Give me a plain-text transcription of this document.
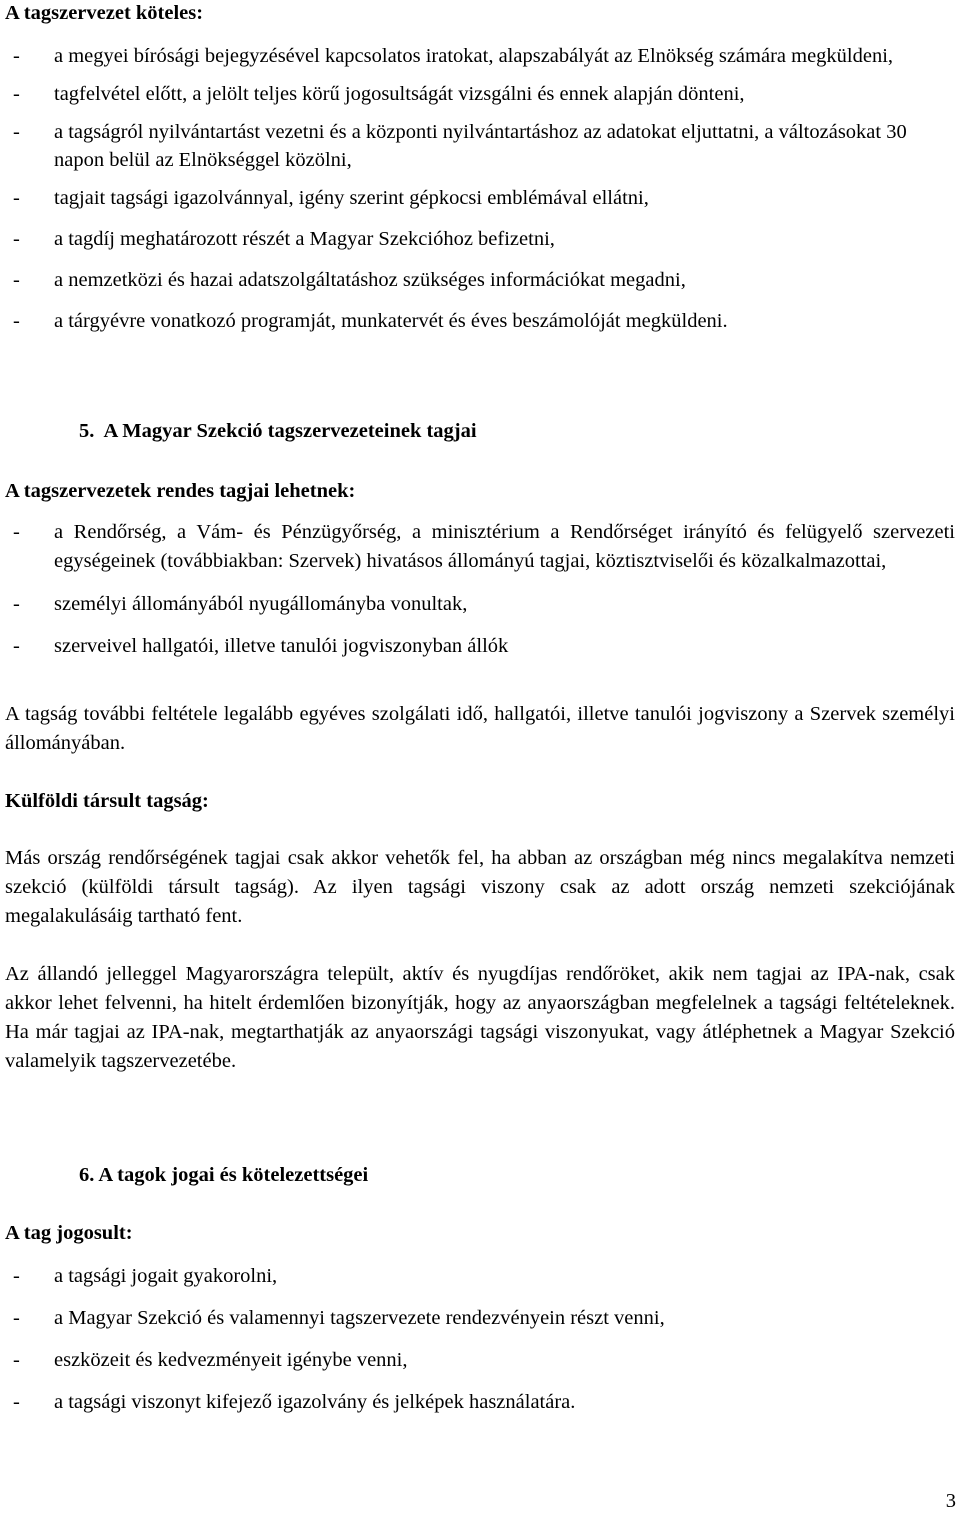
A tagszervezet köteles:
- a megyei bírósági bejegyzésével kapcsolatos iratokat, alapszabályát az Elnökség számára megküldeni,
- tagfelvétel előtt, a jelölt teljes körű jogosultságát vizsgálni és ennek alapján dönteni,
- a tagságról nyilvántartást vezetni és a központi nyilvántartáshoz az adatokat eljuttatni, a változásokat 30 napon belül az Elnökséggel közölni,
- tagjait tagsági igazolvánnyal, igény szerint gépkocsi emblémával ellátni,
- a tagdíj meghatározott részét a Magyar Szekcióhoz befizetni,
- a nemzetközi és hazai adatszolgáltatáshoz szükséges információkat megadni,
- a tárgyévre vonatkozó programját, munkatervét és éves beszámolóját megküldeni.
5. A Magyar Szekció tagszervezeteinek tagjai
A tagszervezetek rendes tagjai lehetnek:
- a Rendőrség, a Vám- és Pénzügyőrség, a minisztérium a Rendőrséget irányító és felügyelő szervezeti egységeinek (továbbiakban: Szervek) hivatásos állományú tagjai, köztisztviselői és közalkalmazottai,
- személyi állományából nyugállományba vonultak,
- szerveivel hallgatói, illetve tanulói jogviszonyban állók

A tagság további feltétele legalább egyéves szolgálati idő, hallgatói, illetve tanulói jogviszony a Szervek személyi állományában.

Külföldi társult tagság:

Más ország rendőrségének tagjai csak akkor vehetők fel, ha abban az országban még nincs megalakítva nemzeti szekció (külföldi társult tagság). Az ilyen tagsági viszony csak az adott ország nemzeti szekciójának megalakulásáig tartható fent.

Az állandó jelleggel Magyarországra települt, aktív és nyugdíjas rendőröket, akik nem tagjai az IPA-nak, csak akkor lehet felvenni, ha hitelt érdemlően bizonyítják, hogy az anyaországban megfelelnek a tagsági feltételeknek. Ha már tagjai az IPA-nak, megtarthatják az anyaországi tagsági viszonyukat, vagy átléphetnek a Magyar Szekció valamelyik tagszervezetébe.

6. A tagok jogai és kötelezettségei
A tag jogosult:
- a tagsági jogait gyakorolni,
- a Magyar Szekció és valamennyi tagszervezete rendezvényein részt venni,
- eszközeit és kedvezményeit igénybe venni,
- a tagsági viszonyt kifejező igazolvány és jelképek használatára.
3
